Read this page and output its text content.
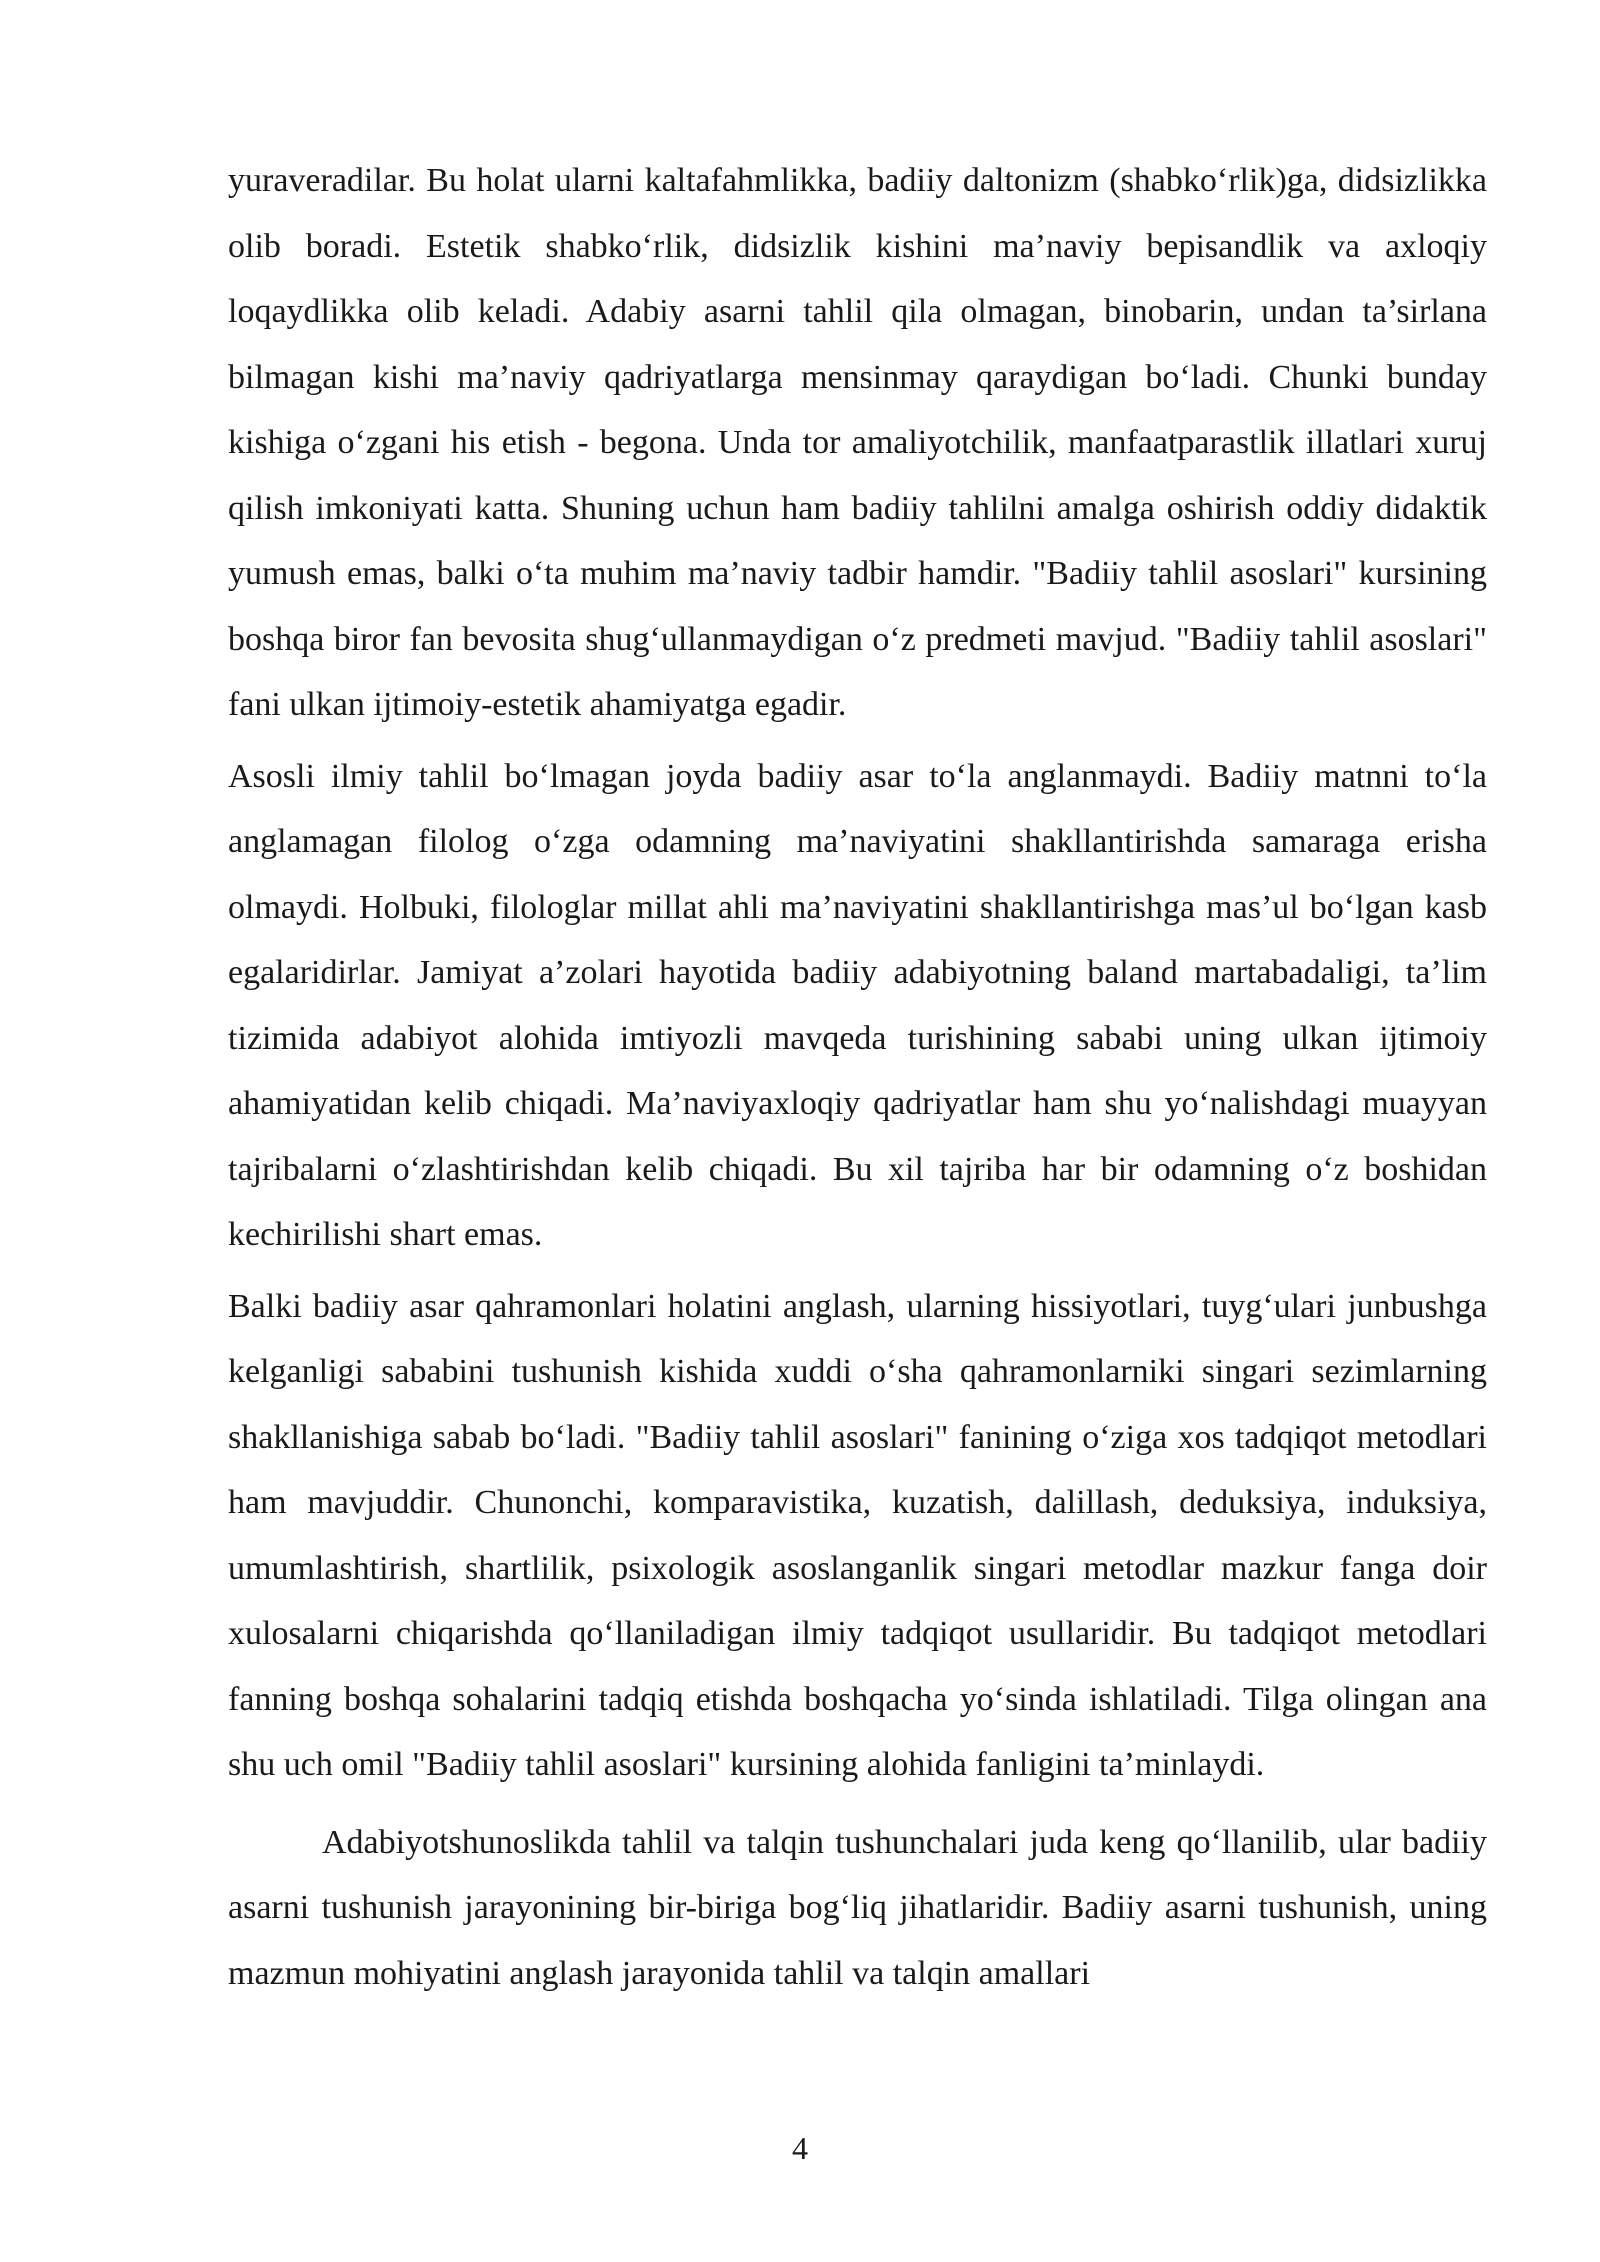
yuraveradilar. Bu holat ularni kaltafahmlikka, badiiy daltonizm (shabko‘rlik)ga, didsizlikka olib boradi. Estetik shabko‘rlik, didsizlik kishini ma’naviy bepisandlik va axloqiy loqaydlikka olib keladi. Adabiy asarni tahlil qila olmagan, binobarin, undan ta’sirlana bilmagan kishi ma’naviy qadriyatlarga mensinmay qaraydigan bo‘ladi. Chunki bunday kishiga o‘zgani his etish - begona. Unda tor amaliyotchilik, manfaatparastlik illatlari xuruj qilish imkoniyati katta. Shuning uchun ham badiiy tahlilni amalga oshirish oddiy didaktik yumush emas, balki o‘ta muhim ma’naviy tadbir hamdir. "Badiiy tahlil asoslari" kursining boshqa biror fan bevosita shug‘ullanmaydigan o‘z predmeti mavjud. "Badiiy tahlil asoslari" fani ulkan ijtimoiy-estetik ahamiyatga egadir.

Asosli ilmiy tahlil bo‘lmagan joyda badiiy asar to‘la anglanmaydi. Badiiy matnni to‘la anglamagan filolog o‘zga odamning ma’naviyatini shakllantirishda samaraga erisha olmaydi. Holbuki, filologlar millat ahli ma’naviyatini shakllantirishga mas’ul bo‘lgan kasb egalaridirlar. Jamiyat a’zolari hayotida badiiy adabiyotning baland martabadaligi, ta’lim tizimida adabiyot alohida imtiyozli mavqeda turishining sababi uning ulkan ijtimoiy ahamiyatidan kelib chiqadi. Ma’naviyaxloqiy qadriyatlar ham shu yo‘nalishdagi muayyan tajribalarni o‘zlashtirishdan kelib chiqadi. Bu xil tajriba har bir odamning o‘z boshidan kechirilishi shart emas.

Balki badiiy asar qahramonlari holatini anglash, ularning hissiyotlari, tuyg‘ulari junbushga kelganligi sababini tushunish kishida xuddi o‘sha qahramonlarniki singari sezimlarning shakllanishiga sabab bo‘ladi. "Badiiy tahlil asoslari" fanining o‘ziga xos tadqiqot metodlari ham mavjuddir. Chunonchi, komparavistika, kuzatish, dalillash, deduksiya, induksiya, umumlashtirish, shartlilik, psixologik asoslanganlik singari metodlar mazkur fanga doir xulosalarni chiqarishda qo‘llaniladigan ilmiy tadqiqot usullaridir. Bu tadqiqot metodlari fanning boshqa sohalarini tadqiq etishda boshqacha yo‘sinda ishlatiladi. Tilga olingan ana shu uch omil "Badiiy tahlil asoslari" kursining alohida fanligini ta’minlaydi.

Adabiyotshunoslikda tahlil va talqin tushunchalari juda keng qo‘llanilib, ular badiiy asarni tushunish jarayonining bir-biriga bog‘liq jihatlaridir. Badiiy asarni tushunish, uning mazmun mohiyatini anglash jarayonida tahlil va talqin amallari

4
